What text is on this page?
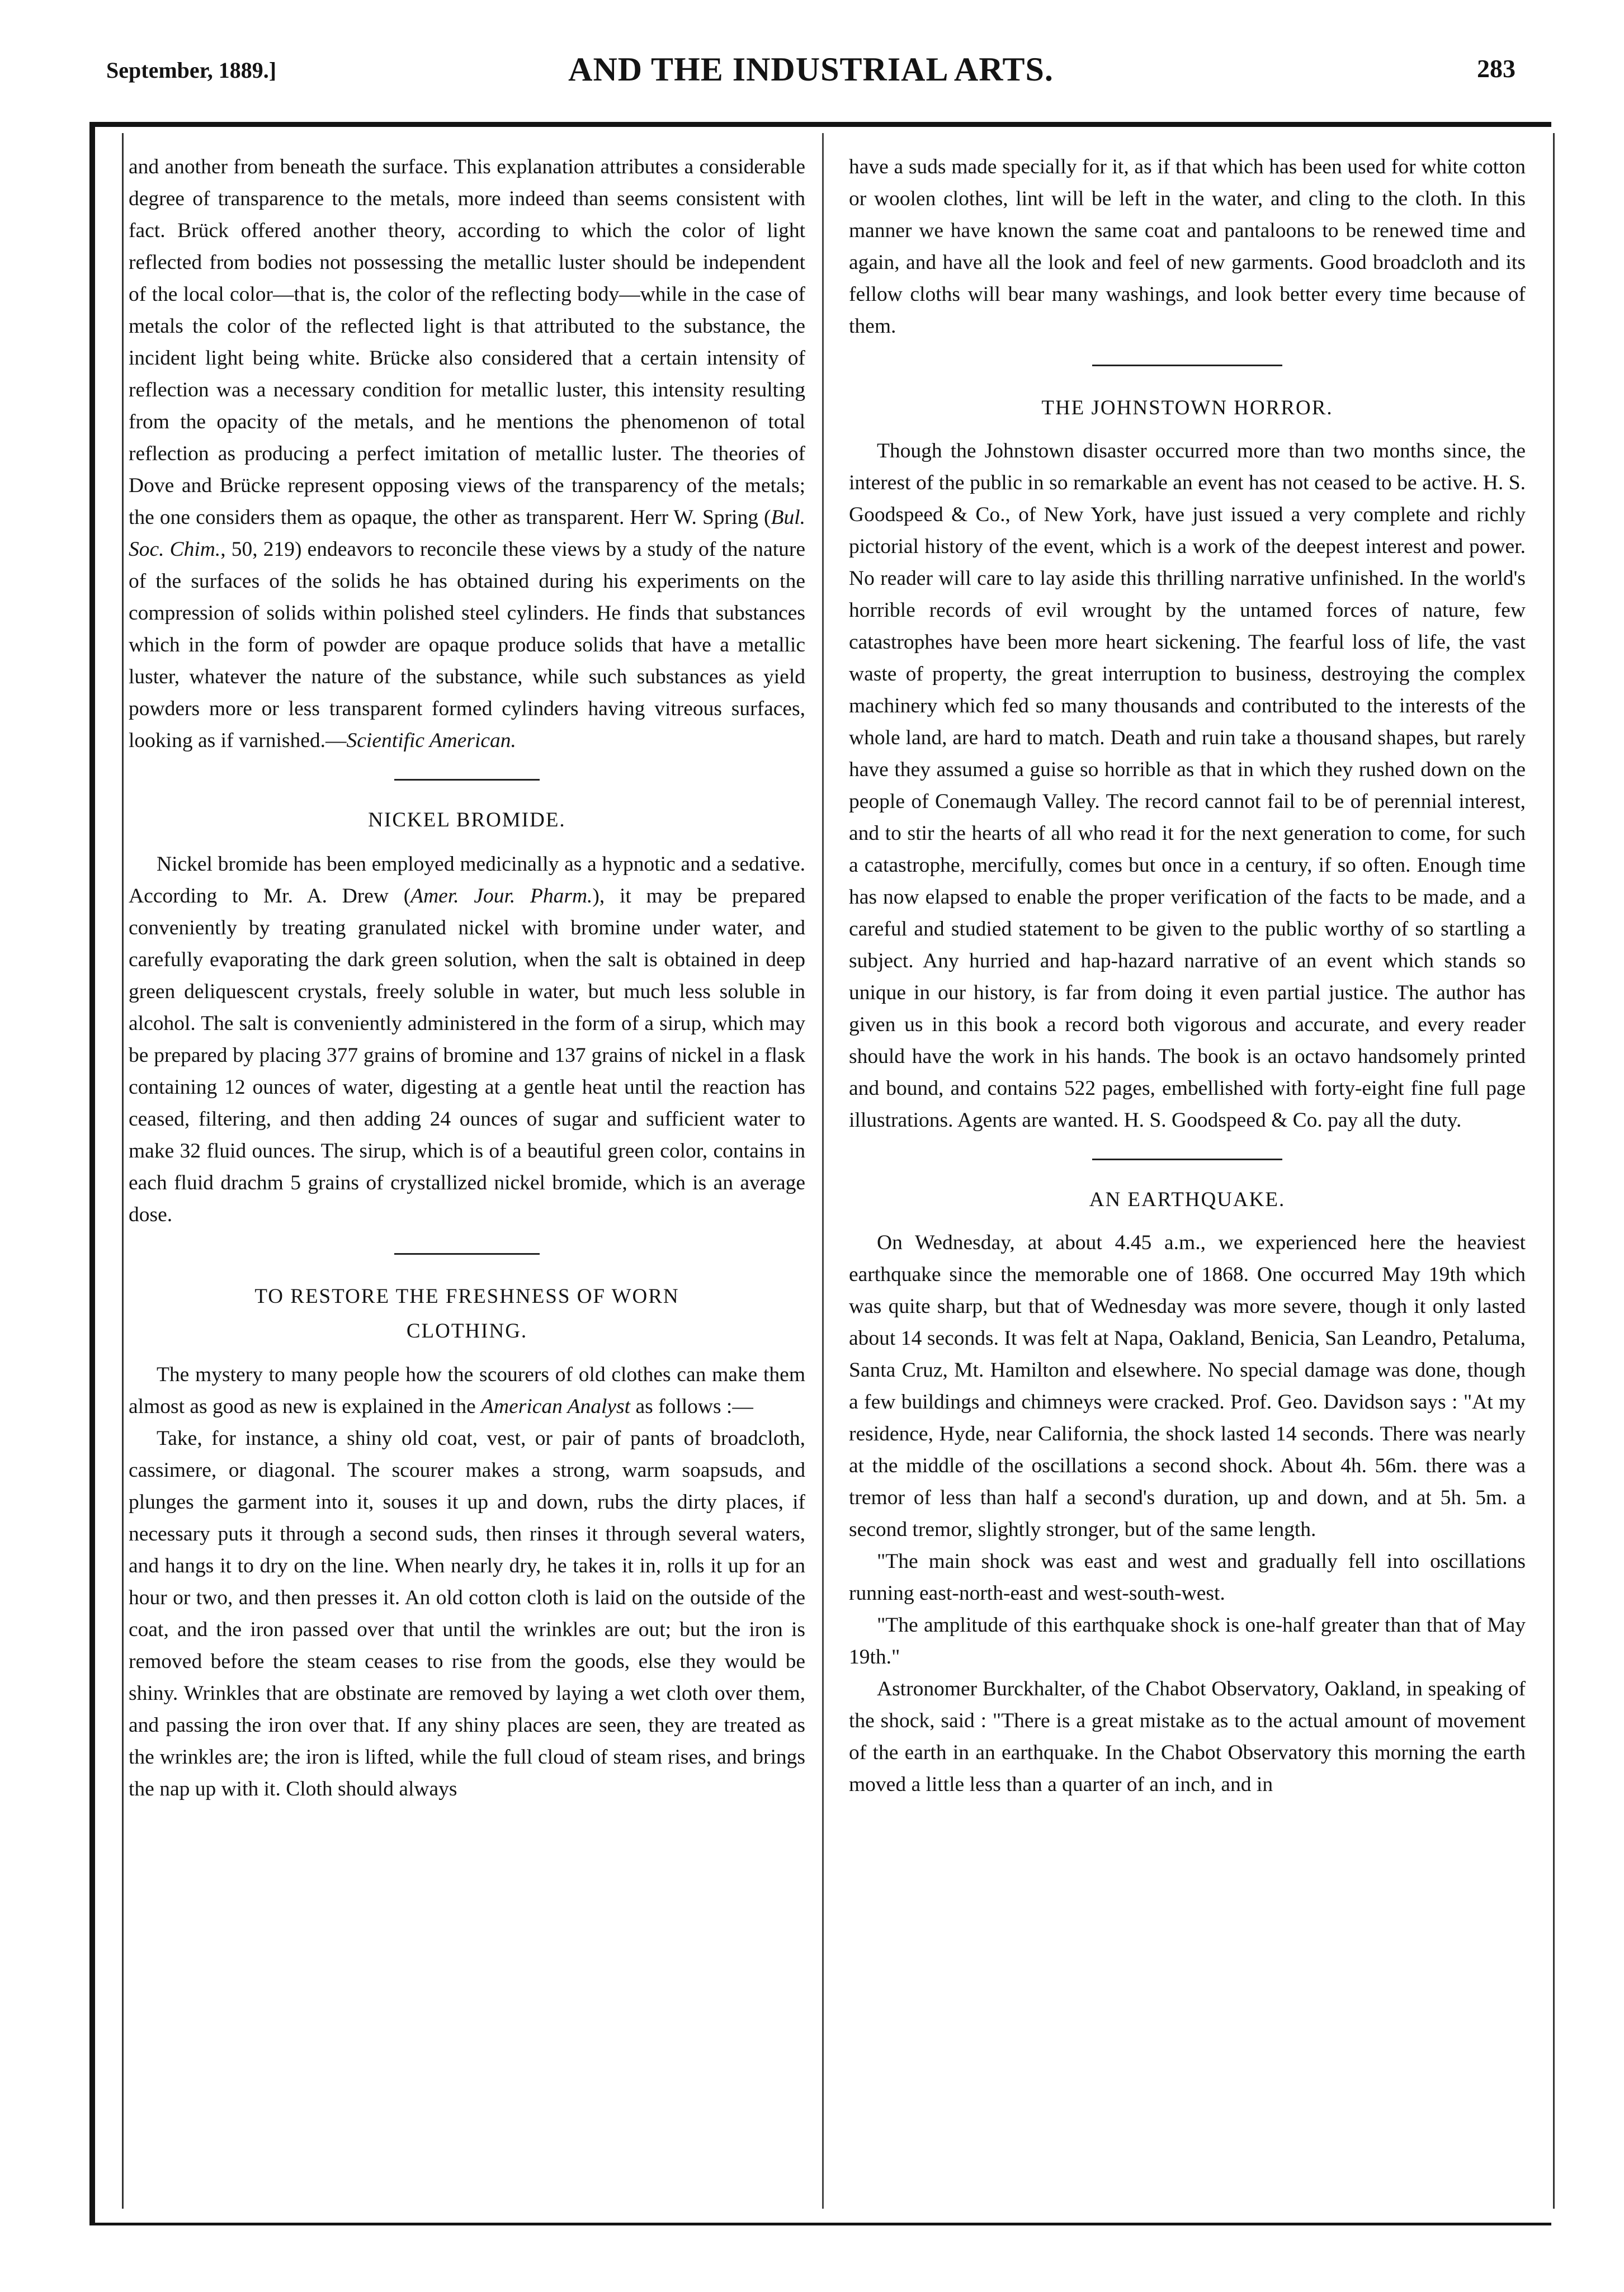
September, 1889.]	AND THE INDUSTRIAL ARTS.	283

and another from beneath the surface. This explanation attributes a considerable degree of transparence to the metals, more indeed than seems consistent with fact. Brück offered another theory, according to which the color of light reflected from bodies not possessing the metallic luster should be independent of the local color—that is, the color of the reflecting body—while in the case of metals the color of the reflected light is that attributed to the substance, the incident light being white. Brücke also considered that a certain intensity of reflection was a necessary condition for metallic luster, this intensity resulting from the opacity of the metals, and he mentions the phenomenon of total reflection as producing a perfect imitation of metallic luster. The theories of Dove and Brücke represent opposing views of the transparency of the metals; the one considers them as opaque, the other as transparent. Herr W. Spring (Bul. Soc. Chim., 50, 219) endeavors to reconcile these views by a study of the nature of the surfaces of the solids he has obtained during his experiments on the compression of solids within polished steel cylinders. He finds that substances which in the form of powder are opaque produce solids that have a metallic luster, whatever the nature of the substance, while such substances as yield powders more or less transparent formed cylinders having vitreous surfaces, looking as if varnished.—Scientific American.

NICKEL BROMIDE.

Nickel bromide has been employed medicinally as a hypnotic and a sedative. According to Mr. A. Drew (Amer. Jour. Pharm.), it may be prepared conveniently by treating granulated nickel with bromine under water, and carefully evaporating the dark green solution, when the salt is obtained in deep green deliquescent crystals, freely soluble in water, but much less soluble in alcohol. The salt is conveniently administered in the form of a sirup, which may be prepared by placing 377 grains of bromine and 137 grains of nickel in a flask containing 12 ounces of water, digesting at a gentle heat until the reaction has ceased, filtering, and then adding 24 ounces of sugar and sufficient water to make 32 fluid ounces. The sirup, which is of a beautiful green color, contains in each fluid drachm 5 grains of crystallized nickel bromide, which is an average dose.

TO RESTORE THE FRESHNESS OF WORN
CLOTHING.

The mystery to many people how the scourers of old clothes can make them almost as good as new is explained in the American Analyst as follows :—

Take, for instance, a shiny old coat, vest, or pair of pants of broadcloth, cassimere, or diagonal. The scourer makes a strong, warm soapsuds, and plunges the garment into it, souses it up and down, rubs the dirty places, if necessary puts it through a second suds, then rinses it through several waters, and hangs it to dry on the line. When nearly dry, he takes it in, rolls it up for an hour or two, and then presses it. An old cotton cloth is laid on the outside of the coat, and the iron passed over that until the wrinkles are out; but the iron is removed before the steam ceases to rise from the goods, else they would be shiny. Wrinkles that are obstinate are removed by laying a wet cloth over them, and passing the iron over that. If any shiny places are seen, they are treated as the wrinkles are; the iron is lifted, while the full cloud of steam rises, and brings the nap up with it. Cloth should always

have a suds made specially for it, as if that which has been used for white cotton or woolen clothes, lint will be left in the water, and cling to the cloth. In this manner we have known the same coat and pantaloons to be renewed time and again, and have all the look and feel of new garments. Good broadcloth and its fellow cloths will bear many washings, and look better every time because of them.

THE JOHNSTOWN HORROR.

Though the Johnstown disaster occurred more than two months since, the interest of the public in so remarkable an event has not ceased to be active. H. S. Goodspeed & Co., of New York, have just issued a very complete and richly pictorial history of the event, which is a work of the deepest interest and power. No reader will care to lay aside this thrilling narrative unfinished. In the world's horrible records of evil wrought by the untamed forces of nature, few catastrophes have been more heart sickening. The fearful loss of life, the vast waste of property, the great interruption to business, destroying the complex machinery which fed so many thousands and contributed to the interests of the whole land, are hard to match. Death and ruin take a thousand shapes, but rarely have they assumed a guise so horrible as that in which they rushed down on the people of Conemaugh Valley. The record cannot fail to be of perennial interest, and to stir the hearts of all who read it for the next generation to come, for such a catastrophe, mercifully, comes but once in a century, if so often. Enough time has now elapsed to enable the proper verification of the facts to be made, and a careful and studied statement to be given to the public worthy of so startling a subject. Any hurried and hap-hazard narrative of an event which stands so unique in our history, is far from doing it even partial justice. The author has given us in this book a record both vigorous and accurate, and every reader should have the work in his hands. The book is an octavo handsomely printed and bound, and contains 522 pages, embellished with forty-eight fine full page illustrations. Agents are wanted. H. S. Goodspeed & Co. pay all the duty.

AN EARTHQUAKE.

On Wednesday, at about 4.45 a.m., we experienced here the heaviest earthquake since the memorable one of 1868. One occurred May 19th which was quite sharp, but that of Wednesday was more severe, though it only lasted about 14 seconds. It was felt at Napa, Oakland, Benicia, San Leandro, Petaluma, Santa Cruz, Mt. Hamilton and elsewhere. No special damage was done, though a few buildings and chimneys were cracked. Prof. Geo. Davidson says : "At my residence, Hyde, near California, the shock lasted 14 seconds. There was nearly at the middle of the oscillations a second shock. About 4h. 56m. there was a tremor of less than half a second's duration, up and down, and at 5h. 5m. a second tremor, slightly stronger, but of the same length.

"The main shock was east and west and gradually fell into oscillations running east-north-east and west-south-west.

"The amplitude of this earthquake shock is one-half greater than that of May 19th."

Astronomer Burckhalter, of the Chabot Observatory, Oakland, in speaking of the shock, said : "There is a great mistake as to the actual amount of movement of the earth in an earthquake. In the Chabot Observatory this morning the earth moved a little less than a quarter of an inch, and in
